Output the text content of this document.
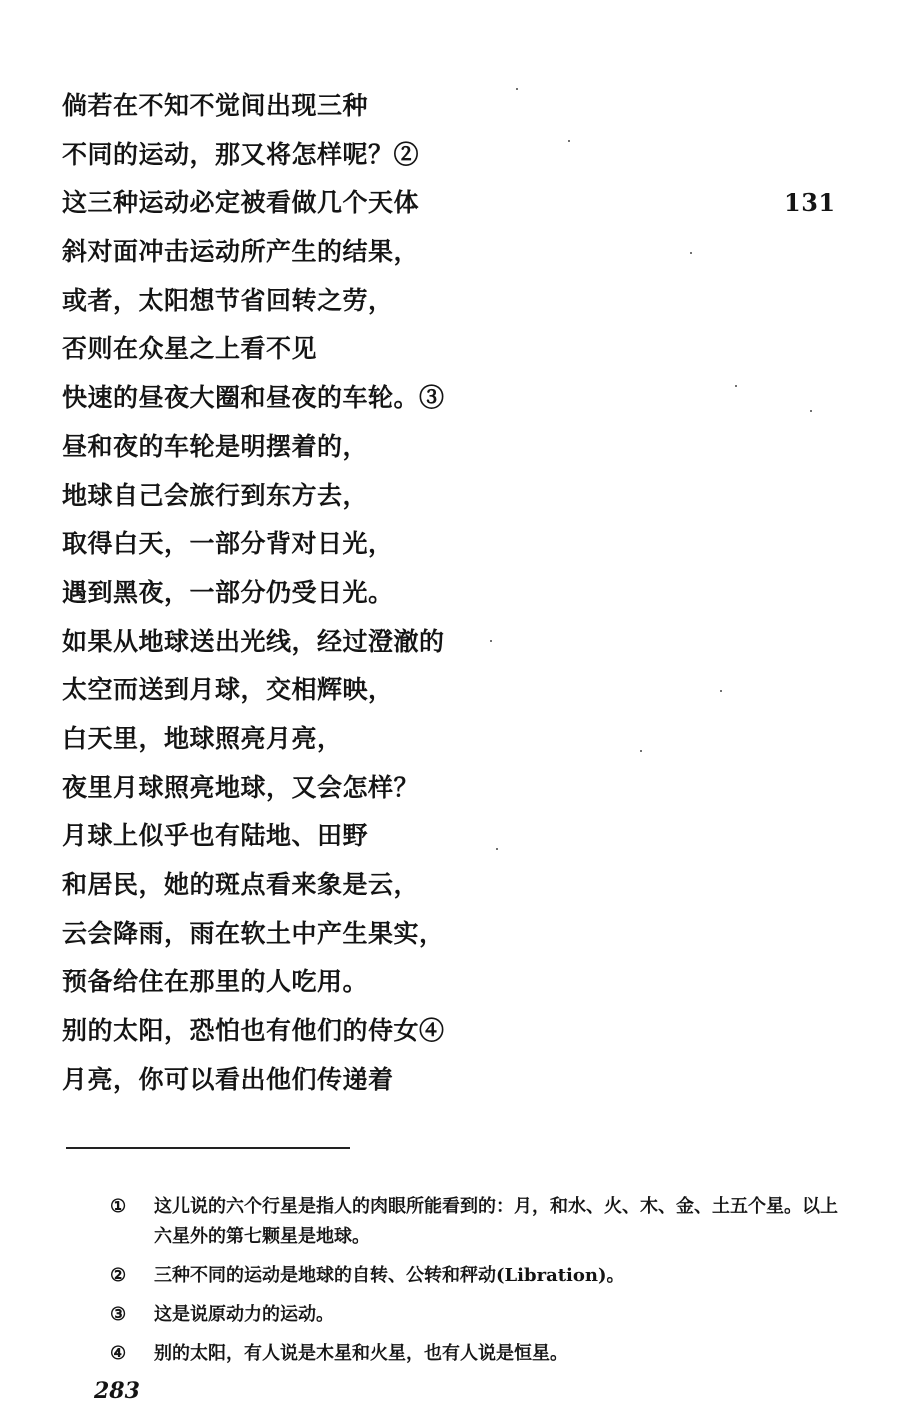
倘若在不知不觉间出现三种
不同的运动，那又将怎样呢？②
这三种运动必定被看做几个天体
斜对面冲击运动所产生的结果，
或者，太阳想节省回转之劳，
否则在众星之上看不见
快速的昼夜大圈和昼夜的车轮。③
昼和夜的车轮是明摆着的，
地球自己会旅行到东方去，
取得白天，一部分背对日光，
遇到黑夜，一部分仍受日光。
如果从地球送出光线，经过澄澈的
太空而送到月球，交相辉映，
白天里，地球照亮月亮，
夜里月球照亮地球，又会怎样？
月球上似乎也有陆地、田野
和居民，她的斑点看来象是云，
云会降雨，雨在软土中产生果实，
预备给住在那里的人吃用。
别的太阳，恐怕也有他们的侍女④
月亮，你可以看出他们传递着
131
①	这儿说的六个行星是指人的肉眼所能看到的：月，和水、火、木、金、土五个星。以上六星外的第七颗星是地球。
②	三种不同的运动是地球的自转、公转和秤动(Libration)。
③	这是说原动力的运动。
④	别的太阳，有人说是木星和火星，也有人说是恒星。
283
